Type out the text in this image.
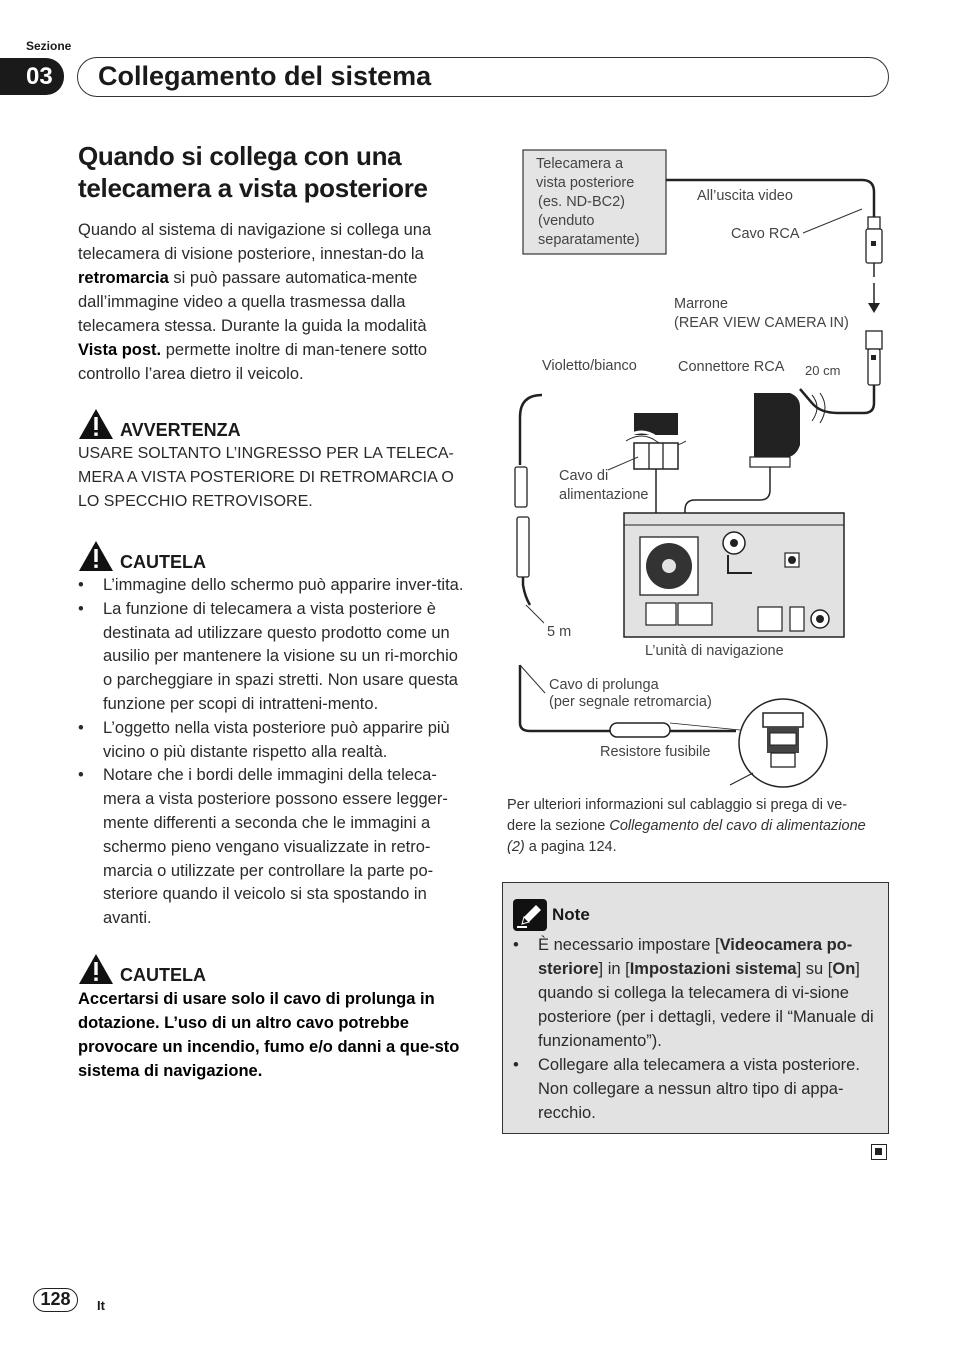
Sezione
03	Collegamento del sistema
Quando si collega con una
telecamera a vista posteriore

Quando al sistema di navigazione si collega una telecamera di visione posteriore, innestan-do la retromarcia si può passare automatica-mente dall’immagine video a quella trasmessa dalla telecamera stessa. Durante la guida la modalità Vista post. permette inoltre di man-tenere sotto controllo l’area dietro il veicolo.

AVVERTENZA

USARE SOLTANTO L’INGRESSO PER LA TELECA-MERA A VISTA POSTERIORE DI RETROMARCIA O LO SPECCHIO RETROVISORE.

CAUTELA
• L’immagine dello schermo può apparire inver-tita.
• La funzione di telecamera a vista posteriore è destinata ad utilizzare questo prodotto come un ausilio per mantenere la visione su un ri-morchio o parcheggiare in spazi stretti. Non usare questa funzione per scopi di intratteni-mento.
• L’oggetto nella vista posteriore può apparire più vicino o più distante rispetto alla realtà.
• Notare che i bordi delle immagini della teleca-mera a vista posteriore possono essere legger-mente differenti a seconda che le immagini a schermo pieno vengano visualizzate in retro-marcia o utilizzate per controllare la parte po-steriore quando il veicolo si sta spostando in avanti.
CAUTELA

Accertarsi di usare solo il cavo di prolunga in dotazione. L’uso di un altro cavo potrebbe provocare un incendio, fumo e/o danni a que-sto sistema di navigazione.

Telecamera a vista posteriore (es. ND-BC2) (venduto separatamente)
All’uscita video
Cavo RCA
Marrone
(REAR VIEW CAMERA IN)
Violetto/bianco	Connettore RCA 20 cm
Cavo di
alimentazione
L’unità di navigazione
5 m
Cavo di prolunga
(per segnale retromarcia)
Resistore fusibile

Per ulteriori informazioni sul cablaggio si prega di ve-
dere la sezione Collegamento del cavo di alimentazione
(2) a pagina 124.

Note
• È necessario impostare [Videocamera po-steriore] in [Impostazioni sistema] su [On] quando si collega la telecamera di vi-sione posteriore (per i dettagli, vedere il “Manuale di funzionamento”).
• Collegare alla telecamera a vista posteriore. Non collegare a nessun altro tipo di appa-recchio.
128	It
